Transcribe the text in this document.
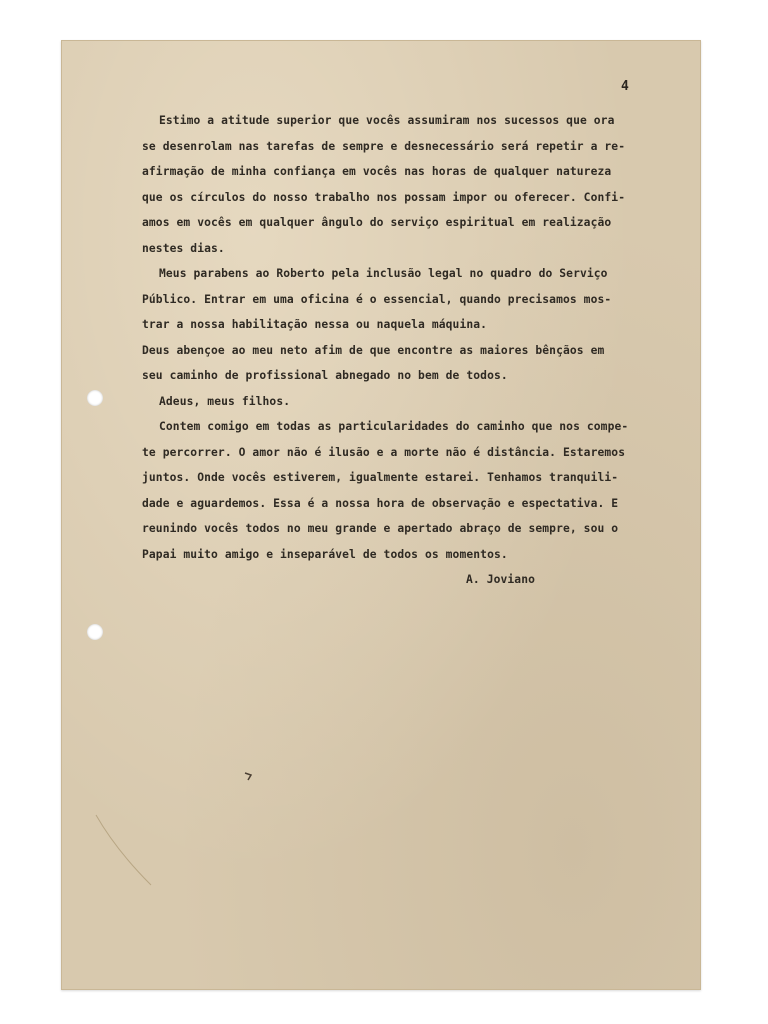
4
Estimo a atitude superior que vocês assumiram nos sucessos que ora
se desenrolam nas tarefas de sempre e desnecessário será repetir a re-
afirmação de minha confiança em vocês nas horas de qualquer natureza
que os círculos do nosso trabalho nos possam impor ou oferecer. Confi-
amos em vocês em qualquer ângulo do serviço espiritual em realização
nestes dias.
Meus parabens ao Roberto pela inclusão legal no quadro do Serviço
Público. Entrar em uma oficina é o essencial, quando precisamos mos-
trar a nossa habilitação nessa ou naquela máquina.
Deus abençoe ao meu neto afim de que encontre as maiores bênçãos em
seu caminho de profissional abnegado no bem de todos.
Adeus, meus filhos.
Contem comigo em todas as particularidades do caminho que nos compe-
te percorrer. O amor não é ilusão e a morte não é distância. Estaremos
juntos. Onde vocês estiverem, igualmente estarei. Tenhamos tranquili-
dade e aguardemos. Essa é a nossa hora de observação e espectativa. E
reunindo vocês todos no meu grande e apertado abraço de sempre, sou o
Papai muito amigo e inseparável de todos os momentos.
A. Joviano
